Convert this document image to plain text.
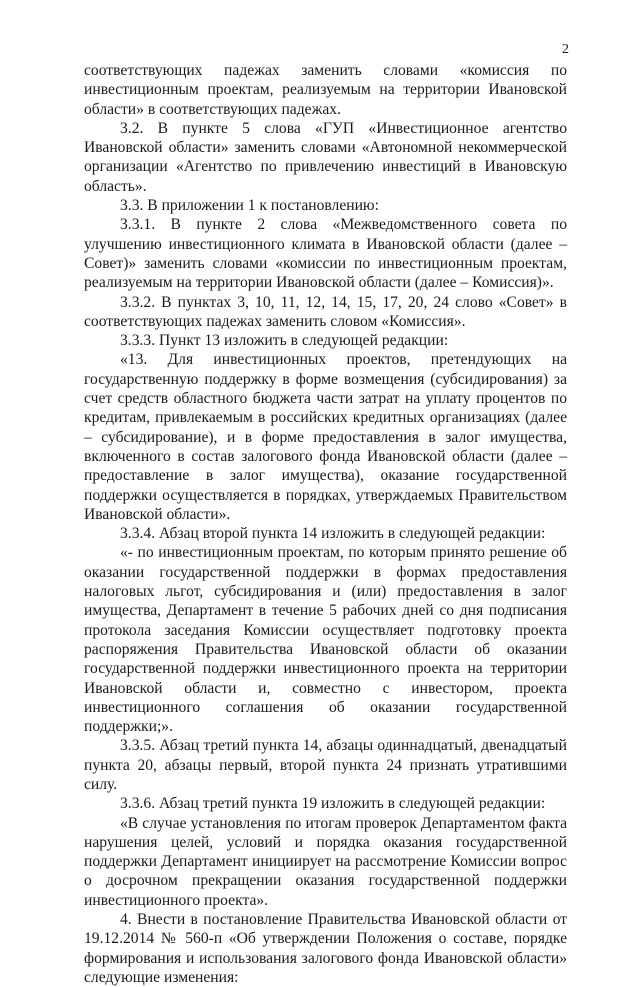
2

соответствующих падежах заменить словами «комиссия по инвестиционным проектам, реализуемым на территории Ивановской области» в соответствующих падежах.

3.2. В пункте 5 слова «ГУП «Инвестиционное агентство Ивановской области» заменить словами «Автономной некоммерческой организации «Агентство по привлечению инвестиций в Ивановскую область».

3.3. В приложении 1 к постановлению:

3.3.1. В пункте 2 слова «Межведомственного совета по улучшению инвестиционного климата в Ивановской области (далее – Совет)» заменить словами «комиссии по инвестиционным проектам, реализуемым на территории Ивановской области (далее – Комиссия)».

3.3.2. В пунктах 3, 10, 11, 12, 14, 15, 17, 20, 24 слово «Совет» в соответствующих падежах заменить словом «Комиссия».

3.3.3. Пункт 13 изложить в следующей редакции:

«13. Для инвестиционных проектов, претендующих на государственную поддержку в форме возмещения (субсидирования) за счет средств областного бюджета части затрат на уплату процентов по кредитам, привлекаемым в российских кредитных организациях (далее – субсидирование), и в форме предоставления в залог имущества, включенного в состав залогового фонда Ивановской области (далее – предоставление в залог имущества), оказание государственной поддержки осуществляется в порядках, утверждаемых Правительством Ивановской области».

3.3.4. Абзац второй пункта 14 изложить в следующей редакции:

«- по инвестиционным проектам, по которым принято решение об оказании государственной поддержки в формах предоставления налоговых льгот, субсидирования и (или) предоставления в залог имущества, Департамент в течение 5 рабочих дней со дня подписания протокола заседания Комиссии осуществляет подготовку проекта распоряжения Правительства Ивановской области об оказании государственной поддержки инвестиционного проекта на территории Ивановской области и, совместно с инвестором, проекта инвестиционного соглашения об оказании государственной поддержки;».

3.3.5. Абзац третий пункта 14, абзацы одиннадцатый, двенадцатый пункта 20, абзацы первый, второй пункта 24 признать утратившими силу.

3.3.6. Абзац третий пункта 19 изложить в следующей редакции:

«В случае установления по итогам проверок Департаментом факта нарушения целей, условий и порядка оказания государственной поддержки Департамент инициирует на рассмотрение Комиссии вопрос о досрочном прекращении оказания государственной поддержки инвестиционного проекта».

4. Внести в постановление Правительства Ивановской области от 19.12.2014 № 560-п «Об утверждении Положения о составе, порядке формирования и использования залогового фонда Ивановской области» следующие изменения:
